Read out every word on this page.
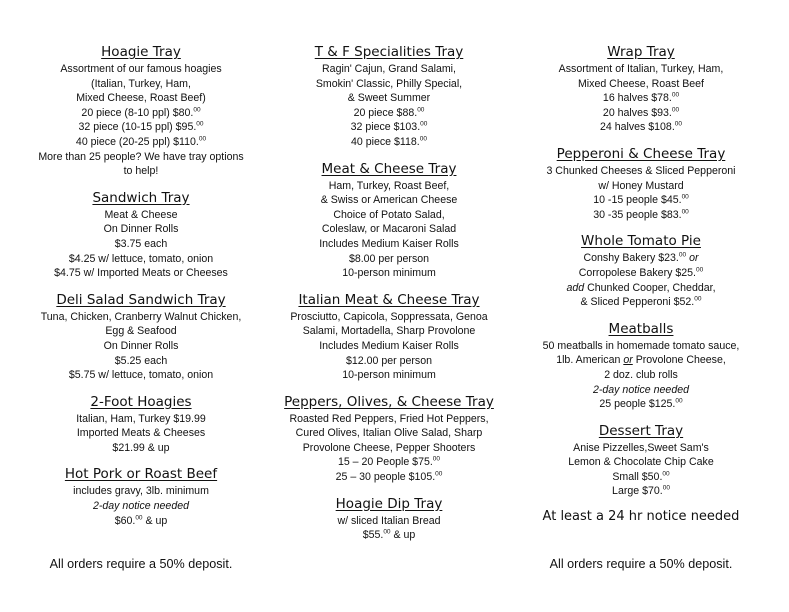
Hoagie Tray
Assortment of our famous hoagies
(Italian, Turkey, Ham,
Mixed Cheese, Roast Beef)
20 piece (8-10 ppl) $80.00
32 piece (10-15 ppl) $95.00
40 piece (20-25 ppl) $110.00
More than 25 people? We have tray options
to help!
Sandwich Tray
Meat & Cheese
On Dinner Rolls
$3.75 each
$4.25 w/ lettuce, tomato, onion
$4.75 w/ Imported Meats or Cheeses
Deli Salad Sandwich Tray
Tuna, Chicken, Cranberry Walnut Chicken,
Egg & Seafood
On Dinner Rolls
$5.25 each
$5.75 w/ lettuce, tomato, onion
2-Foot Hoagies
Italian, Ham, Turkey $19.99
Imported Meats & Cheeses
$21.99 & up
Hot Pork or Roast Beef
includes gravy, 3lb. minimum
2-day notice needed
$60.00 & up
All orders require a 50% deposit.
T & F Specialities Tray
Ragin' Cajun, Grand Salami,
Smokin' Classic, Philly Special,
& Sweet Summer
20 piece $88.00
32 piece $103.00
40 piece $118.00
Meat & Cheese Tray
Ham, Turkey, Roast Beef,
& Swiss or American Cheese
Choice of Potato Salad,
Coleslaw, or Macaroni Salad
Includes Medium Kaiser Rolls
$8.00 per person
10-person minimum
Italian Meat & Cheese Tray
Prosciutto, Capicola, Soppressata, Genoa
Salami, Mortadella, Sharp Provolone
Includes Medium Kaiser Rolls
$12.00 per person
10-person minimum
Peppers, Olives, & Cheese Tray
Roasted Red Peppers, Fried Hot Peppers,
Cured Olives, Italian Olive Salad, Sharp
Provolone Cheese, Pepper Shooters
15 – 20 People $75.00
25 – 30 people $105.00
Hoagie Dip Tray
w/ sliced Italian Bread
$55.00 & up
Wrap Tray
Assortment of Italian, Turkey, Ham,
Mixed Cheese, Roast Beef
16 halves $78.00
20 halves $93.00
24 halves $108.00
Pepperoni & Cheese Tray
3 Chunked Cheeses & Sliced Pepperoni
w/ Honey Mustard
10 -15 people $45.00
30 -35 people $83.00
Whole Tomato Pie
Conshy Bakery $23.00 or
Corropolese Bakery $25.00
add Chunked Cooper, Cheddar,
& Sliced Pepperoni $52.00
Meatballs
50 meatballs in homemade tomato sauce,
1lb. American or Provolone Cheese,
2 doz. club rolls
2-day notice needed
25 people $125.00
Dessert Tray
Anise Pizzelles,Sweet Sam's
Lemon & Chocolate Chip Cake
Small $50.00
Large $70.00
At least a 24 hr notice needed
All orders require a 50% deposit.
